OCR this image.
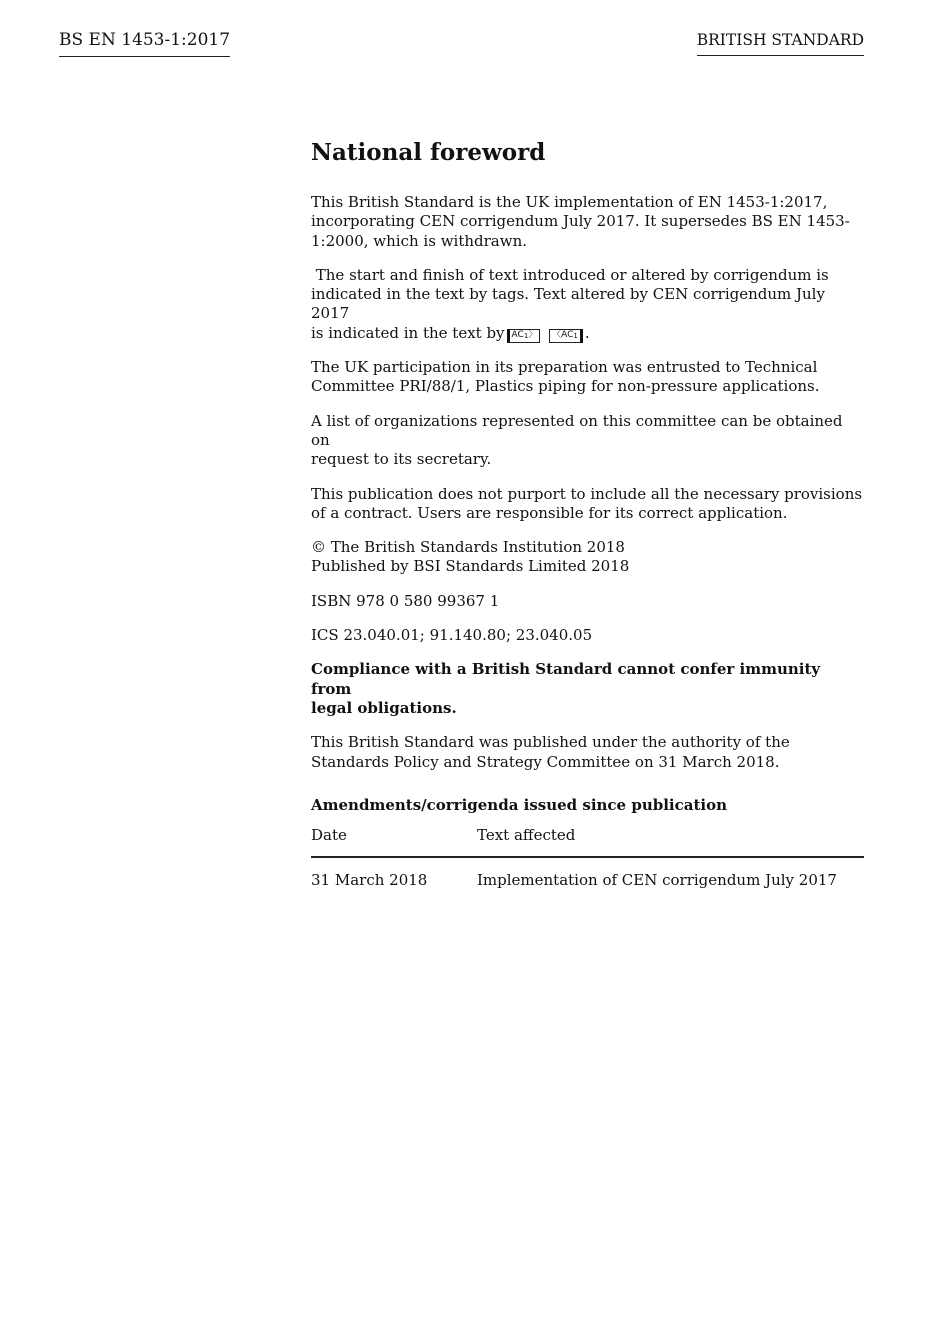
BS EN 1453-1:2017	BRITISH STANDARD
National foreword

This British Standard is the UK implementation of EN 1453-1:2017,
incorporating CEN corrigendum July 2017. It supersedes BS EN 1453-
1:2000, which is withdrawn.

The start and finish of text introduced or altered by corrigendum is
indicated in the text by tags. Text altered by CEN corrigendum July 2017
is indicated in the text by $AC_1$〉 〈$AC_1$ .

The UK participation in its preparation was entrusted to Technical
Committee PRI/88/1, Plastics piping for non-pressure applications.

A list of organizations represented on this committee can be obtained on
request to its secretary.

This publication does not purport to include all the necessary provisions
of a contract. Users are responsible for its correct application.

© The British Standards Institution 2018
Published by BSI Standards Limited 2018

ISBN 978 0 580 99367 1

ICS 23.040.01; 91.140.80; 23.040.05

Compliance with a British Standard cannot confer immunity from
legal obligations.

This British Standard was published under the authority of the
Standards Policy and Strategy Committee on 31 March 2018.

Amendments/corrigenda issued since publication
Date	Text affected
31 March 2018	Implementation of CEN corrigendum July 2017
